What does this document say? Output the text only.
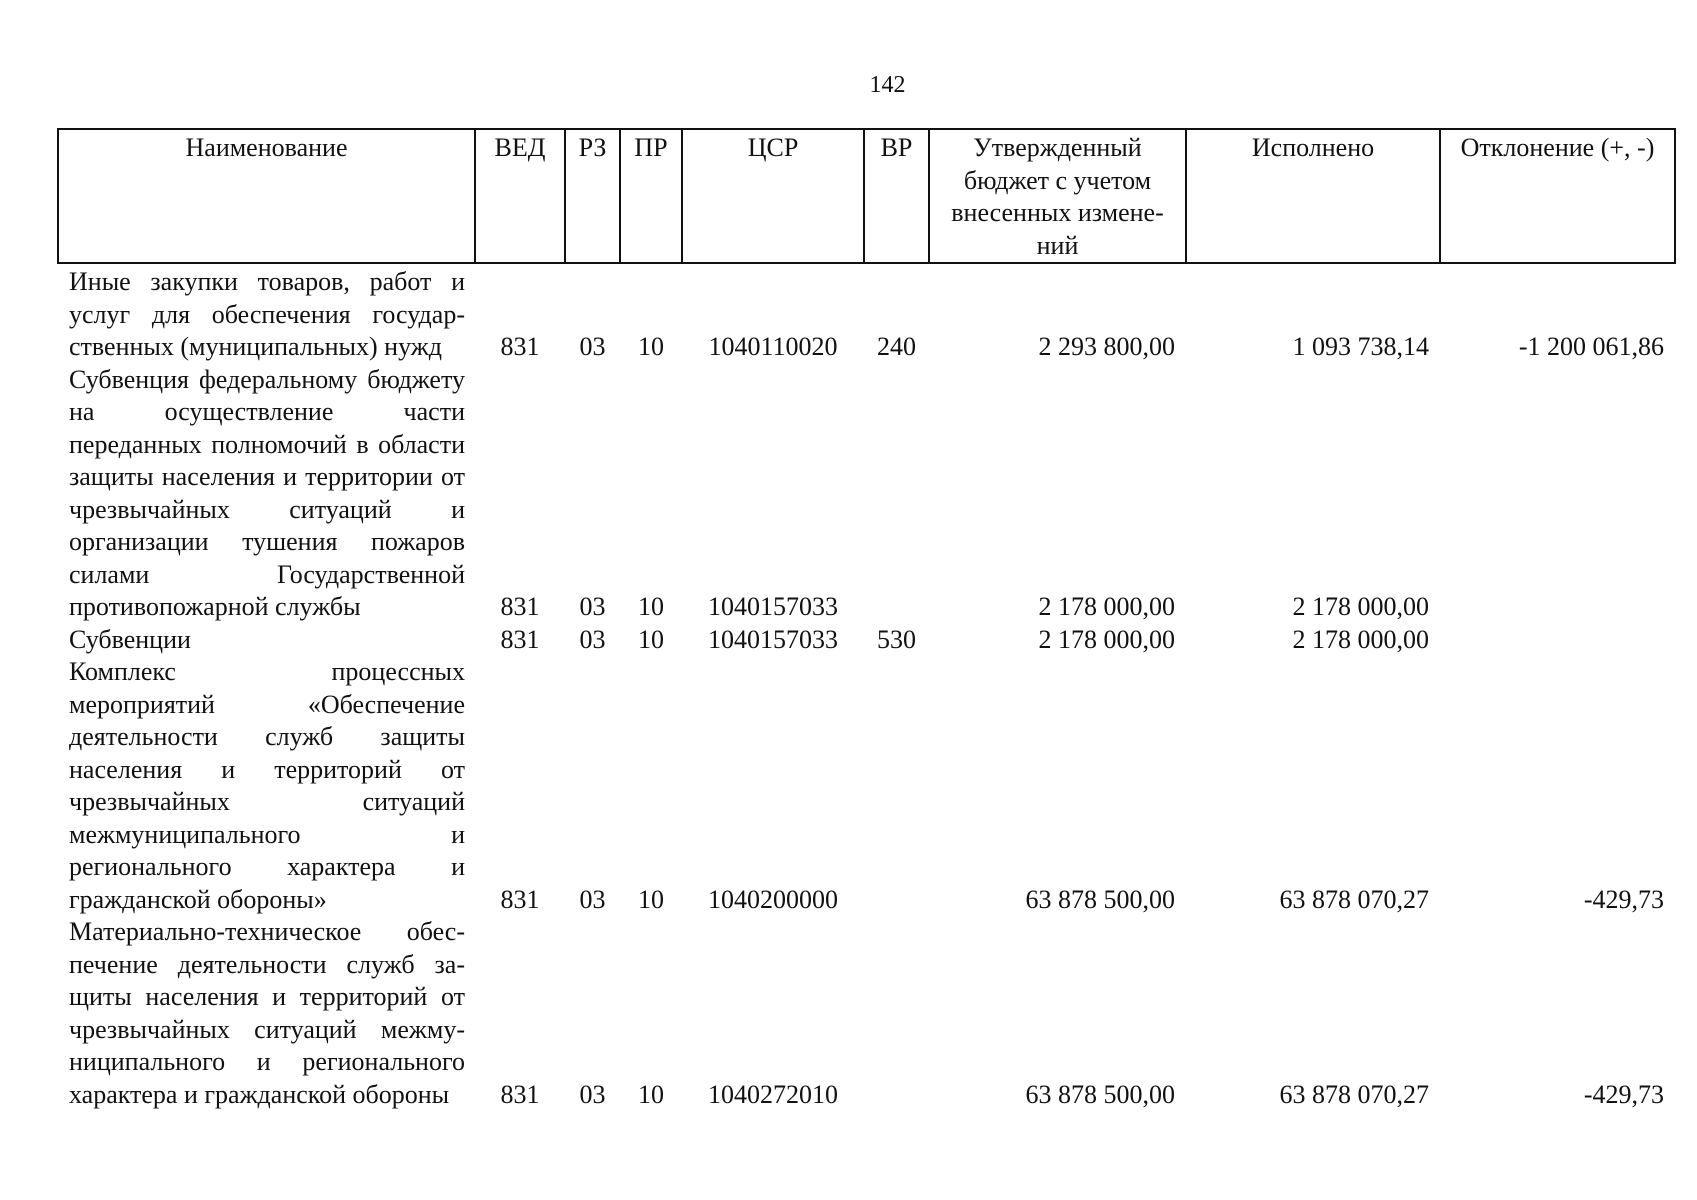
142
Наименование	ВЕД	РЗ	ПР	ЦСР	ВР	Утвержденный бюджет с учетом внесенных измене-ний	Исполнено	Отклонение (+, -)
Иные закупки товаров, работ и услуг для обеспечения государственных (муниципальных) нужд	831	03	10	1040110020	240	2 293 800,00	1 093 738,14	-1 200 061,86
Субвенция федеральному бюджету на осуществление части переданных полномочий в области защиты населения и территории от чрезвычайных ситуаций и организации тушения пожаров силами Государственной противопожарной службы	831	03	10	1040157033		2 178 000,00	2 178 000,00	
Субвенции	831	03	10	1040157033	530	2 178 000,00	2 178 000,00	
Комплекс процессных мероприятий «Обеспечение деятельности служб защиты населения и территорий от чрезвычайных ситуаций межмуниципального и регионального характера и гражданской обороны»	831	03	10	1040200000		63 878 500,00	63 878 070,27	-429,73
Материально-техническое обеспечение деятельности служб защиты населения и территорий от чрезвычайных ситуаций межмуниципального и регионального характера и гражданской обороны	831	03	10	1040272010		63 878 500,00	63 878 070,27	-429,73
